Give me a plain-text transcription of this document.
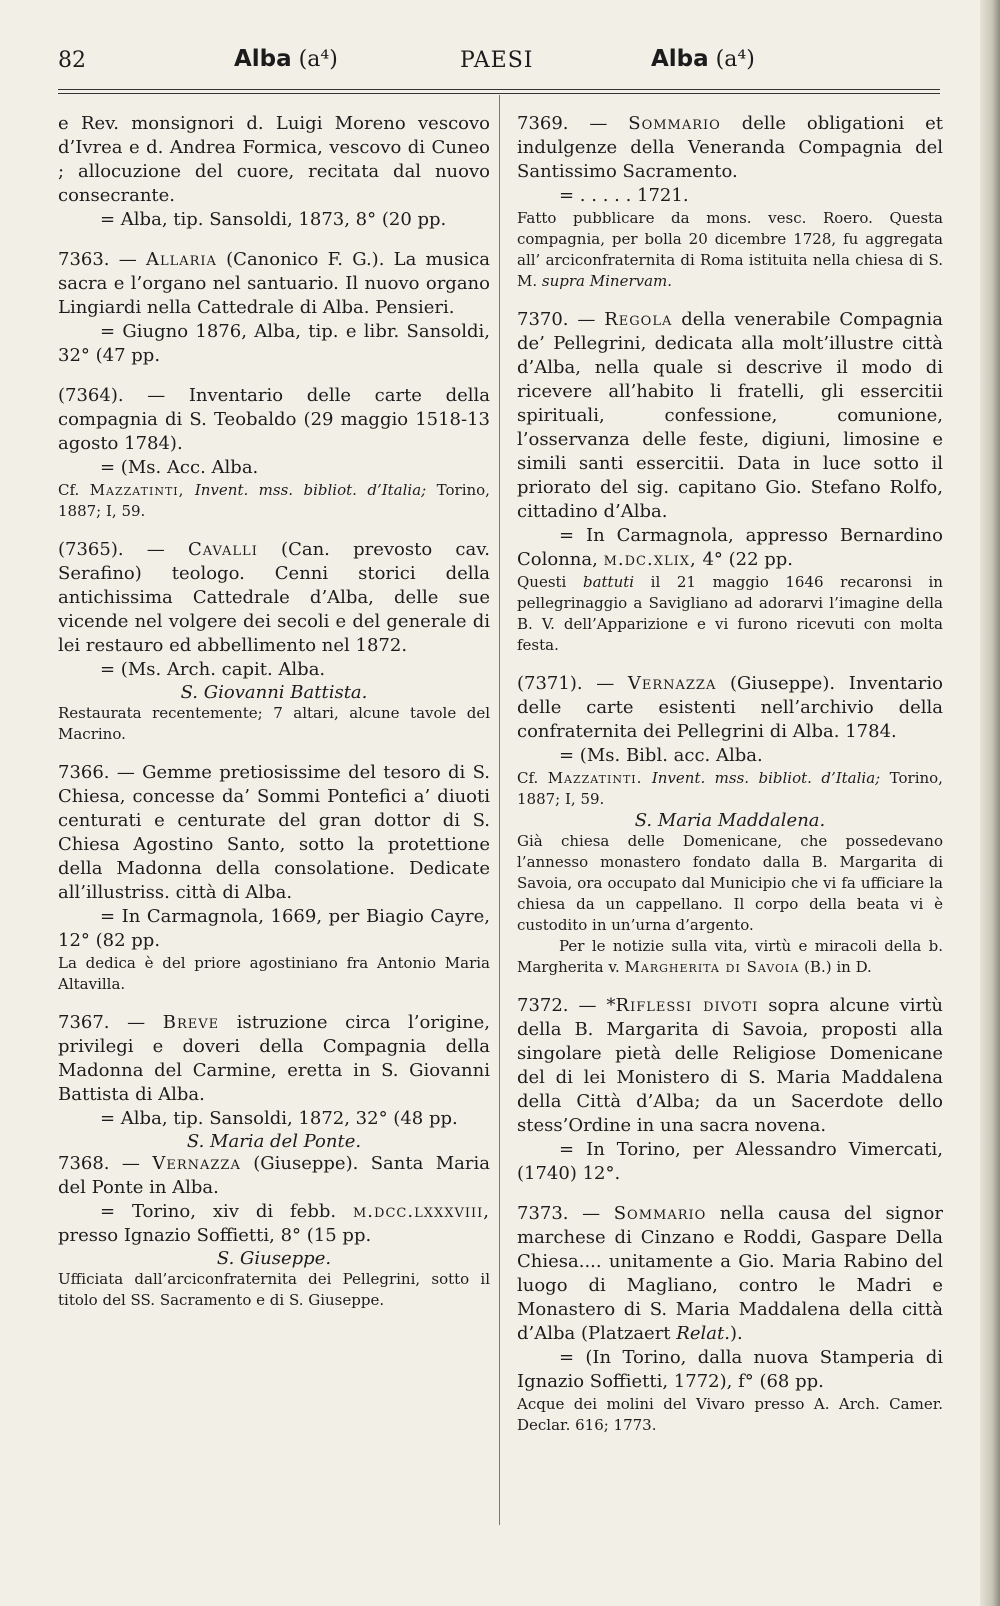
82	Alba (a⁴)	PAESI	Alba (a⁴)

e Rev. monsignori d. Luigi Moreno vescovo d’Ivrea e d. Andrea Formica, vescovo di Cuneo ; allocuzione del cuore, recitata dal nuovo consecrante.

= Alba, tip. Sansoldi, 1873, 8° (20 pp.

7363. — Allaria (Canonico F. G.). La musica sacra e l’organo nel santuario. Il nuovo organo Lingiardi nella Cattedrale di Alba. Pensieri.

= Giugno 1876, Alba, tip. e libr. Sansoldi, 32° (47 pp.

(7364). — Inventario delle carte della compagnia di S. Teobaldo (29 maggio 1518-13 agosto 1784).

= (Ms. Acc. Alba.

Cf. Mazzatinti, Invent. mss. bibliot. d’Italia; Torino, 1887; I, 59.

(7365). — Cavalli (Can. prevosto cav. Serafino) teologo. Cenni storici della antichissima Cattedrale d’Alba, delle sue vicende nel volgere dei secoli e del generale di lei restauro ed abbellimento nel 1872.

= (Ms. Arch. capit. Alba.

S. Giovanni Battista.

Restaurata recentemente; 7 altari, alcune tavole del Macrino.

7366. — Gemme pretiosissime del tesoro di S. Chiesa, concesse da’ Sommi Pontefici a’ diuoti centurati e centurate del gran dottor di S. Chiesa Agostino Santo, sotto la protettione della Madonna della consolatione. Dedicate all’illustriss. città di Alba.

= In Carmagnola, 1669, per Biagio Cayre, 12° (82 pp.

La dedica è del priore agostiniano fra Antonio Maria Altavilla.

7367. — Breve istruzione circa l’origine, privilegi e doveri della Compagnia della Madonna del Carmine, eretta in S. Giovanni Battista di Alba.

= Alba, tip. Sansoldi, 1872, 32° (48 pp.

S. Maria del Ponte.

7368. — Vernazza (Giuseppe). Santa Maria del Ponte in Alba.

= Torino, xiv di febb. m.dcc.lxxxviii, presso Ignazio Soffietti, 8° (15 pp.

S. Giuseppe.

Ufficiata dall’arciconfraternita dei Pellegrini, sotto il titolo del SS. Sacramento e di S. Giuseppe.

7369. — Sommario delle obligationi et indulgenze della Veneranda Compagnia del Santissimo Sacramento.

= . . . . . 1721.

Fatto pubblicare da mons. vesc. Roero. Questa compagnia, per bolla 20 dicembre 1728, fu aggregata all’ arciconfraternita di Roma istituita nella chiesa di S. M. supra Minervam.

7370. — Regola della venerabile Compagnia de’ Pellegrini, dedicata alla molt’illustre città d’Alba, nella quale si descrive il modo di ricevere all’habito li fratelli, gli essercitii spirituali, confessione, comunione, l’osservanza delle feste, digiuni, limosine e simili santi essercitii. Data in luce sotto il priorato del sig. capitano Gio. Stefano Rolfo, cittadino d’Alba.

= In Carmagnola, appresso Bernardino Colonna, m.dc.xlix, 4° (22 pp.

Questi battuti il 21 maggio 1646 recaronsi in pellegrinaggio a Savigliano ad adorarvi l’imagine della B. V. dell’Apparizione e vi furono ricevuti con molta festa.

(7371). — Vernazza (Giuseppe). Inventario delle carte esistenti nell’archivio della confraternita dei Pellegrini di Alba. 1784.

= (Ms. Bibl. acc. Alba.

Cf. Mazzatinti. Invent. mss. bibliot. d’Italia; Torino, 1887; I, 59.

S. Maria Maddalena.

Già chiesa delle Domenicane, che possedevano l’annesso monastero fondato dalla B. Margarita di Savoia, ora occupato dal Municipio che vi fa ufficiare la chiesa da un cappellano. Il corpo della beata vi è custodito in un’urna d’argento.

Per le notizie sulla vita, virtù e miracoli della b. Margherita v. Margherita di Savoia (B.) in D.

7372. — *Riflessi divoti sopra alcune virtù della B. Margarita di Savoia, proposti alla singolare pietà delle Religiose Domenicane del di lei Monistero di S. Maria Maddalena della Città d’Alba; da un Sacerdote dello stess’Ordine in una sacra novena.

= In Torino, per Alessandro Vimercati, (1740) 12°.

7373. — Sommario nella causa del signor marchese di Cinzano e Roddi, Gaspare Della Chiesa.... unitamente a Gio. Maria Rabino del luogo di Magliano, contro le Madri e Monastero di S. Maria Maddalena della città d’Alba (Platzaert Relat.).

= (In Torino, dalla nuova Stamperia di Ignazio Soffietti, 1772), f° (68 pp.

Acque dei molini del Vivaro presso A. Arch. Camer. Declar. 616; 1773.
